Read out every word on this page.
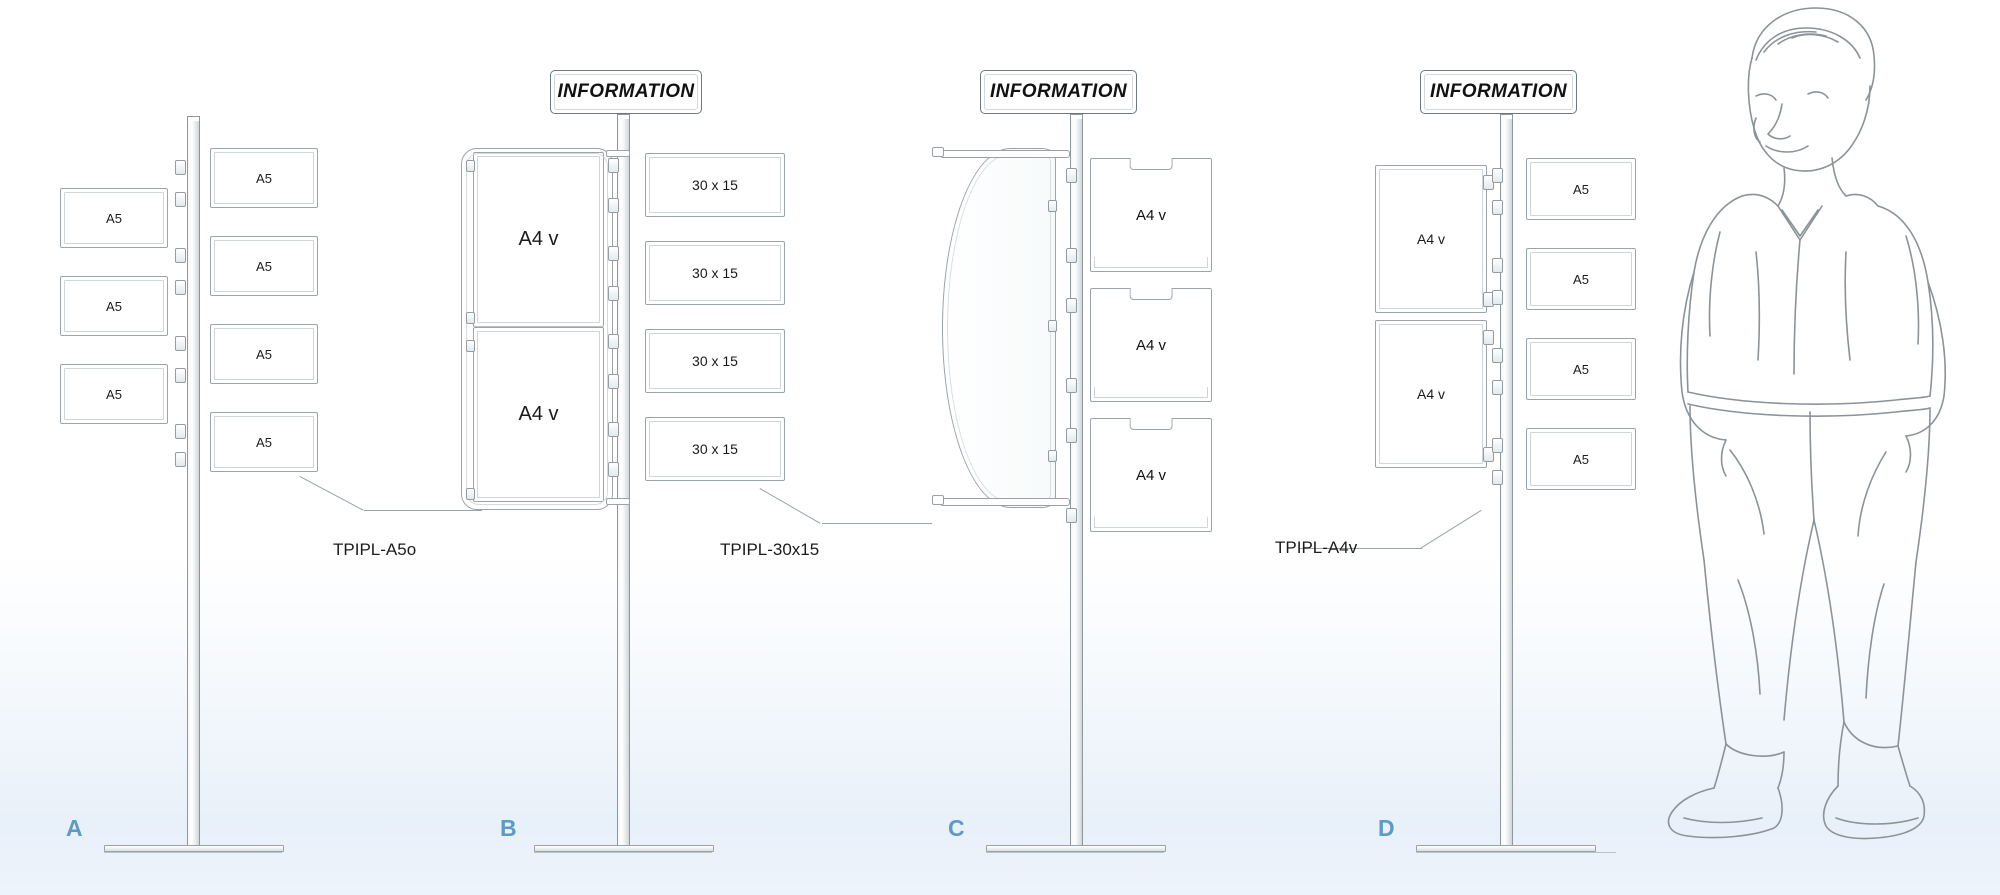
A5
A5
A5
A5
A5
A5
A5
TPIPL-A5o
A
INFORMATION
A4 v
A4 v
30 x 15
30 x 15
30 x 15
30 x 15
TPIPL-30x15
B
INFORMATION
A4 v
A4 v
A4 v
C
INFORMATION
A4 v
A4 v
A5
A5
A5
A5
TPIPL-A4v
D
